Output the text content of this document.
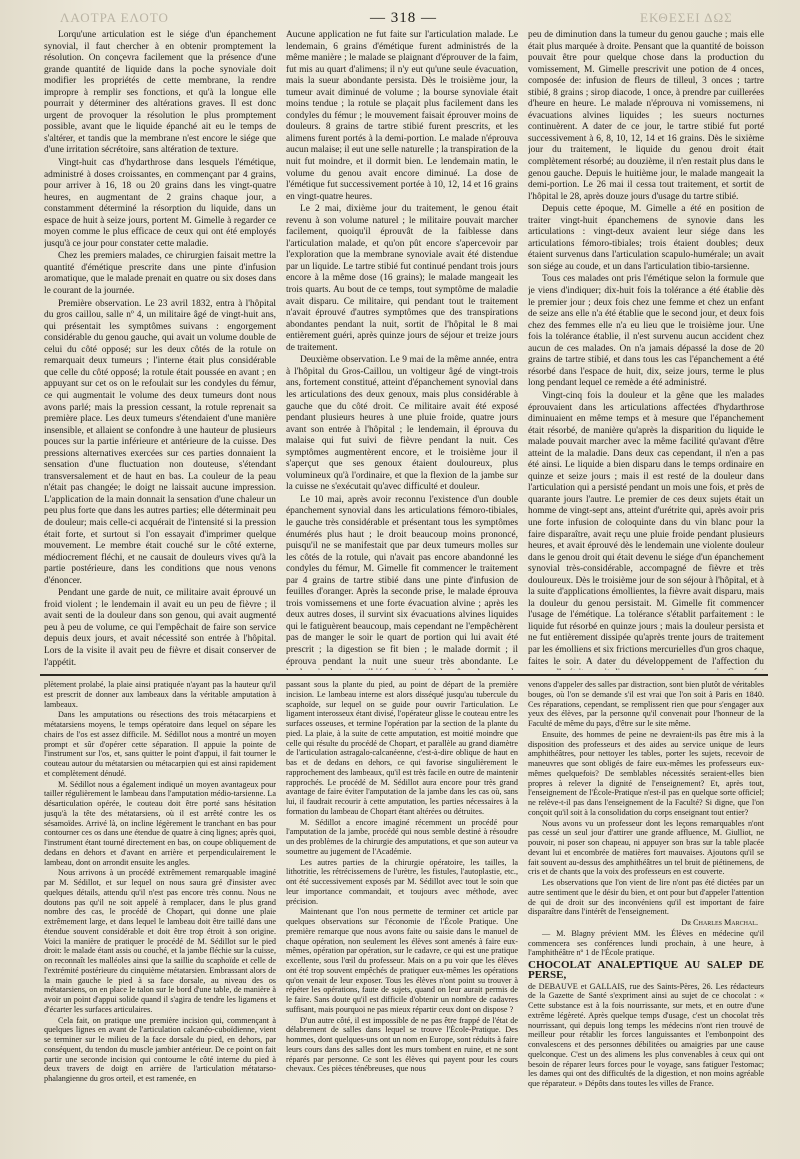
ΛΑΟΤΡΑ ΕΛΟΤΟ	— 318 —	ΕΚΘΕΣΕΙ ΔΩΣ

Lorqu'une articulation est le siége d'un épanchement synovial, il faut chercher à en obtenir promptement la résolution. On conçevra facilement que la présence d'une grande quantité de liquide dans la poche synoviale doit modifier les propriétés de cette membrane, la rendre impropre à remplir ses fonctions, et qu'à la longue elle pourrait y déterminer des altérations graves. Il est donc urgent de provoquer la résolution le plus promptement possible, avant que le liquide épanché ait eu le temps de s'altérer, et tandis que la membrane n'est encore le siége que d'une irritation sécrétoire, sans altération de texture.

Vingt-huit cas d'hydarthrose dans lesquels l'émétique, administré à doses croissantes, en commençant par 4 grains, pour arriver à 16, 18 ou 20 grains dans les vingt-quatre heures, en augmentant de 2 grains chaque jour, a constamment déterminé la résorption du liquide, dans un espace de huit à seize jours, portent M. Gimelle à regarder ce moyen comme le plus efficace de ceux qui ont été employés jusqu'à ce jour pour constater cette maladie.

Chez les premiers malades, ce chirurgien faisait mettre la quantité d'émétique prescrite dans une pinte d'infusion aromatique, que le malade prenait en quatre ou six doses dans le courant de la journée.

Première observation. Le 23 avril 1832, entra à l'hôpital du gros caillou, salle nº 4, un militaire âgé de vingt-huit ans, qui présentait les symptômes suivans : engorgement considérable du genou gauche, qui avait un volume double de celui du côté opposé; sur les deux côtés de la rotule on remarquait deux tumeurs ; l'interne était plus considérable que celle du côté opposé; la rotule était poussée en avant ; en appuyant sur cet os on le refoulait sur les condyles du fémur, ce qui augmentait le volume des deux tumeurs dont nous avons parlé; mais la pression cessant, la rotule reprenait sa première place. Les deux tumeurs s'étendaient d'une manière insensible, et allaient se confondre à une hauteur de plusieurs pouces sur la partie inférieure et antérieure de la cuisse. Des pressions alternatives exercées sur ces parties donnaient la sensation d'une fluctuation non douteuse, s'étendant transversalement et de haut en bas. La couleur de la peau n'était pas changée; le doigt ne laissait aucune impression. L'application de la main donnait la sensation d'une chaleur un peu plus forte que dans les autres parties; elle déterminait peu de douleur; mais celle-ci acquérait de l'intensité si la pression était forte, et surtout si l'on essayait d'imprimer quelque mouvement. Le membre était couché sur le côté externe, médiocrement fléchi, et ne causait de douleurs vives qu'à la partie postérieure, dans les conditions que nous venons d'énoncer.

Pendant une garde de nuit, ce militaire avait éprouvé un froid violent ; le lendemain il avait eu un peu de fièvre ; il avait senti de la douleur dans son genou, qui avait augmenté peu à peu de volume, ce qui l'empêchait de faire son service depuis deux jours, et avait nécessité son entrée à l'hôpital. Lors de la visite il avait peu de fièvre et disait conserver de l'appétit.

Aucune application ne fut faite sur l'articulation malade. Le lendemain, 6 grains d'émétique furent administrés de la même manière ; le malade se plaignant d'éprouver de la faim, fut mis au quart d'alimens; il n'y eut qu'une seule évacuation, mais la sueur abondante persista. Dès le troisième jour, la tumeur avait diminué de volume ; la bourse synoviale était moins tendue ; la rotule se plaçait plus facilement dans les condyles du fémur ; le mouvement faisait éprouver moins de douleurs. 8 grains de tartre stibié furent prescrits, et les alimens furent portés à la demi-portion. Le malade n'éprouva aucun malaise; il eut une selle naturelle ; la transpiration de la nuit fut moindre, et il dormit bien. Le lendemain matin, le volume du genou avait encore diminué. La dose de l'émétique fut successivement portée à 10, 12, 14 et 16 grains en vingt-quatre heures.

Le 2 mai, dixième jour du traitement, le genou était revenu à son volume naturel ; le militaire pouvait marcher facilement, quoiqu'il éprouvât de la faiblesse dans l'articulation malade, et qu'on pût encore s'apercevoir par l'exploration que la membrane synoviale avait été distendue par un liquide. Le tartre stibié fut continué pendant trois jours encore à la même dose (16 grains); le malade mangeait les trois quarts. Au bout de ce temps, tout symptôme de maladie avait disparu. Ce militaire, qui pendant tout le traitement n'avait éprouvé d'autres symptômes que des transpirations abondantes pendant la nuit, sortit de l'hôpital le 8 mai entièrement guéri, après quinze jours de séjour et treize jours de traitement.

Deuxième observation. Le 9 mai de la même année, entra à l'hôpital du Gros-Caillou, un voltigeur âgé de vingt-trois ans, fortement constitué, atteint d'épanchement synovial dans les articulations des deux genoux, mais plus considérable à gauche que du côté droit. Ce militaire avait été exposé pendant plusieurs heures à une pluie froide, quatre jours avant son entrée à l'hôpital ; le lendemain, il éprouva du malaise qui fut suivi de fièvre pendant la nuit. Ces symptômes augmentèrent encore, et le troisième jour il s'aperçut que ses genoux étaient douloureux, plus volumineux qu'à l'ordinaire, et que la flexion de la jambe sur la cuisse ne s'exécutait qu'avec difficulté et douleur.

Le 10 mai, après avoir reconnu l'existence d'un double épanchement synovial dans les articulations fémoro-tibiales, le gauche très considérable et présentant tous les symptômes énumérés plus haut ; le droit beaucoup moins prononcé, puisqu'il ne se manifestait que par deux tumeurs molles sur les côtés de la rotule, qui n'avait pas encore abandonné les condyles du fémur, M. Gimelle fit commencer le traitement par 4 grains de tartre stibié dans une pinte d'infusion de feuilles d'oranger. Après la seconde prise, le malade éprouva trois vomissemens et une forte évacuation alvine ; après les deux autres doses, il survint six évacuations alvines liquides qui le fatiguèrent beaucoup, mais cependant ne l'empêchèrent pas de manger le soir le quart de portion qui lui avait été prescrit ; la digestion se fit bien ; le malade dormit ; il éprouva pendant la nuit une sueur très abondante. Le

peu de diminution dans la tumeur du genou gauche ; mais elle était plus marquée à droite. Pensant que la quantité de boisson pouvait être pour quelque chose dans la production du vomissement, M. Gimelle prescrivit une potion de 4 onces, composée de: infusion de fleurs de tilleul, 3 onces ; tartre stibié, 8 grains ; sirop diacode, 1 once, à prendre par cuillerées d'heure en heure. Le malade n'éprouva ni vomissemens, ni évacuations alvines liquides ; les sueurs nocturnes continuèrent. A dater de ce jour, le tartre stibié fut porté successivement à 6, 8, 10, 12, 14 et 16 grains. Dès le sixième jour du traitement, le liquide du genou droit était complètement résorbé; au douzième, il n'en restait plus dans le genou gauche. Depuis le huitième jour, le malade mangeait la demi-portion. Le 26 mai il cessa tout traitement, et sortit de l'hôpital le 28, après douze jours d'usage du tartre stibié.

Depuis cette époque, M. Gimelle a été en position de traiter vingt-huit épanchemens de synovie dans les articulations : vingt-deux avaient leur siége dans les articulations fémoro-tibiales; trois étaient doubles; deux étaient survenus dans l'articulation scapulo-humérale; un avait son siége au coude, et un dans l'articulation tibio-tarsienne.

Tous ces malades ont pris l'émétique selon la formule que je viens d'indiquer; dix-huit fois la tolérance a été établie dès le premier jour ; deux fois chez une femme et chez un enfant de seize ans elle n'a été établie que le second jour, et deux fois chez des femmes elle n'a eu lieu que le troisième jour. Une fois la tolérance établie, il n'est survenu aucun accident chez aucun de ces malades. On n'a jamais dépassé la dose de 20 grains de tartre stibié, et dans tous les cas l'épanchement a été résorbé dans l'espace de huit, dix, seize jours, terme le plus long pendant lequel ce remède a été administré.

Vingt-cinq fois la douleur et la gêne que les malades éprouvaient dans les articulations affectées d'hydarthrose diminuaient en même temps et à mesure que l'épanchement était résorbé, de manière qu'après la disparition du liquide le malade pouvait marcher avec la même facilité qu'avant d'être atteint de la maladie. Dans deux cas cependant, il n'en a pas été ainsi. Le liquide a bien disparu dans le temps ordinaire en quinze et seize jours ; mais il est resté de la douleur dans l'articulation qui a persisté pendant un mois une fois, et près de quarante jours l'autre. Le premier de ces deux sujets était un homme de vingt-sept ans, atteint d'urétrite qui, après avoir pris une forte infusion de coloquinte dans du vin blanc pour la faire disparaître, avait reçu une pluie froide pendant plusieurs heures, et avait éprouvé dès le lendemain une violente douleur dans le genou droit qui était devenu le siége d'un épanchement synovial très-considérable, accompagné de fièvre et très douloureux. Dès le troisième jour de son séjour à l'hôpital, et à la suite d'applications émollientes, la fièvre avait disparu, mais la douleur du genou persistait. M. Gimelle fit commencer l'usage de l'émétique. La tolérance s'établit parfaitement : le liquide fut résorbé en quinze jours ; mais la douleur persista et ne fut entièrement dissipée qu'après trente jours de traitement par les émolliens et six frictions mercurielles d'un gros chaque, faites le soir. A dater du développement de l'affection du

plètement prolabé, la plaie ainsi pratiquée n'ayant pas la hauteur qu'il est prescrit de donner aux lambeaux dans la véritable amputation à lambeaux.

Dans les amputations ou résections des trois métacarpiens et métatarsiens moyens, le temps opératoire dans lequel on sépare les chairs de l'os est assez difficile. M. Sédillot nous a montré un moyen prompt et sûr d'opérer cette séparation. Il appuie la pointe de l'instrument sur l'os, et, sans quitter le point d'appui, il fait tourner le couteau autour du métatarsien ou métacarpien qui est ainsi rapidement et complètement dénudé.

M. Sédillot nous a également indiqué un moyen avantageux pour tailler régulièrement le lambeau dans l'amputation médio-tarsienne. La désarticulation opérée, le couteau doit être porté sans hésitation jusqu'à la tête des métatarsiens, où il est arrêté contre les os sésamoïdes. Arrivé là, on incline légèrement le tranchant en bas pour contourner ces os dans une étendue de quatre à cinq lignes; après quoi, l'instrument étant tourné directement en bas, on coupe obliquement de dedans en dehors et d'avant en arrière et perpendiculairement le lambeau, dont on arrondit ensuite les angles.

Nous arrivons à un procédé extrêmement remarquable imaginé par M. Sédillot, et sur lequel on nous saura gré d'insister avec quelques détails, attendu qu'il n'est pas encore très connu. Nous ne doutons pas qu'il ne soit appelé à remplacer, dans le plus grand nombre des cas, le procédé de Chopart, qui donne une plaie extrêmement large, et dans lequel le lambeau doit être taillé dans une étendue souvent considérable et doit être trop étroit à son origine. Voici la manière de pratiquer le procédé de M. Sédillot sur le pied droit: le malade étant assis ou couché, et la jambe fléchie sur la cuisse, on reconnaît les malléoles ainsi que la saillie du scaphoïde et celle de l'extrémité postérieure du cinquième métatarsien. Embrassant alors de la main gauche le pied à sa face dorsale, au niveau des os métatarsiens, on en place le talon sur le bord d'une table, de manière à avoir un point d'appui solide quand il s'agira de tendre les ligamens et d'écarter les surfaces articulaires.

Cela fait, on pratique une première incision qui, commençant à quelques lignes en avant de l'articulation calcanéo-cuboïdienne, vient se terminer sur le milieu de la face dorsale du pied, en dehors, par conséquent, du tendon du muscle jambier antérieur. De ce point on fait partir une seconde incision qui contourne le côté interne du pied à deux travers de doigt en arrière de l'articulation métatarso-phalangienne du gros orteil, et est ramenée, en

passant sous la plante du pied, au point de départ de la première incision. Le lambeau interne est alors disséqué jusqu'au tubercule du scaphoïde, sur lequel on se guide pour ouvrir l'articulation. Le ligament interosseux étant divisé, l'opérateur glisse le couteau entre les surfaces osseuses, et termine l'opération par la section de la plante du pied. La plaie, à la suite de cette amputation, est moitié moindre que celle qui résulte du procédé de Chopart, et parallèle au grand diamètre de l'articulation astragalo-calcanéenne, c'est-à-dire oblique de haut en bas et de dedans en dehors, ce qui favorise singulièrement le rapprochement des lambeaux, qu'il est très facile en outre de maintenir rapprochés. Le procédé de M. Sédillot aura encore pour très grand avantage de faire éviter l'amputation de la jambe dans les cas où, sans lui, il faudrait recourir à cette amputation, les parties nécessaires à la formation du lambeau de Chopart étant altérées ou détruites.

M. Sédillot a encore imaginé récemment un procédé pour l'amputation de la jambe, procédé qui nous semble destiné à résoudre un des problèmes de la chirurgie des amputations, et que son auteur va soumettre au jugement de l'Académie.

Les autres parties de la chirurgie opératoire, les tailles, la lithotritie, les rétrécissemens de l'urètre, les fistules, l'autoplastie, etc., ont été successivement exposés par M. Sédillot avec tout le soin que leur importance commandait, et toujours avec méthode, avec précision.

Maintenant que l'on nous permette de terminer cet article par quelques observations sur l'économie de l'École Pratique. Une première remarque que nous avons faite ou saisie dans le manuel de chaque opération, non seulement les élèves sont amenés à faire eux-mêmes, opération par opération, sur le cadavre, ce qui est une pratique excellente, sous l'œil du professeur. Mais on a pu voir que les élèves ont été trop souvent empêchés de pratiquer eux-mêmes les opérations qu'on venait de leur exposer. Tous les élèves n'ont point su trouver à répéter les opérations, faute de sujets, quand on leur aurait permis de le faire. Sans doute qu'il est difficile d'obtenir un nombre de cadavres suffisant, mais pourquoi ne pas mieux répartir ceux dont on dispose ?

D'un autre côté, il est impossible de ne pas être frappé de l'état de délabrement de salles dans lequel se trouve l'École-Pratique. Des hommes, dont quelques-uns ont un nom en Europe, sont réduits à faire leurs cours dans des salles dont les murs tombent en ruine, et ne sont réparés par personne. Ce sont les élèves qui payent pour les cours chevaux. Ces pièces ténébreuses, que nous

venons d'appeler des salles par distraction, sont bien plutôt de véritables bouges, où l'on se demande s'il est vrai que l'on soit à Paris en 1840. Ces réparations, cependant, se remplissent rien que pour s'engager aux yeux des élèves, par la personne qu'il convenait pour l'honneur de la Faculté de même du pays, d'être sur le site même.

Ensuite, des hommes de peine ne devraient-ils pas être mis à la disposition des professeurs et des aides au service unique de leurs amphithéâtres, pour nettoyer les tables, porter les sujets, recevoir de maneuvres que sont obligés de faire eux-mêmes les professeurs eux-mêmes quelquefois? De semblables nécessités seraient-elles bien propres à relever la dignité de l'enseignement? Et, après tout, l'enseignement de l'École-Pratique n'est-il pas en quelque sorte officiel; ne relève-t-il pas dans l'enseignement de la Faculté? Si digne, que l'on conçoit qu'il soit à la consolidation du corps enseignant tout entier?

Nous avons vu un professeur dont les leçons remarquables n'ont pas cessé un seul jour d'attirer une grande affluence, M. Giulliot, ne pouvoir, ni poser son chapeau, ni appuyer son bras sur la table placée devant lui et encombrée de matières fort mauvaises. Ajoutons qu'il se fait souvent au-dessus des amphithéâtres un tel bruit de piétinemens, de cris et de chants que la voix des professeurs en est couverte.

Les observations que l'on vient de lire n'ont pas été dictées par un autre sentiment que le désir du bien, et ont pour but d'appeler l'attention de qui de droit sur des inconvéniens qu'il est important de faire disparaître dans l'intérêt de l'enseignement.

Dr Charles Marchal.

— M. Blagny prévient MM. les Élèves en médecine qu'il commencera ses conférences lundi prochain, à une heure, à l'amphithéâtre nº 1 de l'École pratique.

CHOCOLAT ANALEPTIQUE AU SALEP DE PERSE,

de DEBAUVE et GALLAIS, rue des Saints-Pères, 26. Les rédacteurs de la Gazette de Santé s'expriment ainsi au sujet de ce chocolat : « Cette substance est à la fois nourrissante, sur mets, et en outre d'une extrême légèreté. Après quelque temps d'usage, c'est un chocolat très nourrissant, qui depuis long temps les médecins n'ont rien trouvé de meilleur pour rétablir les forces languissantes et l'embonpoint des convalescens et des personnes débilitées ou amaigries par une cause quelconque. C'est un des alimens les plus convenables à ceux qui ont besoin de réparer leurs forces pour le voyage, sans fatiguer l'estomac; les dames qui ont des difficultés de la digestion, et non moins agréable que réparateur. » Dépôts dans toutes les villes de France.
